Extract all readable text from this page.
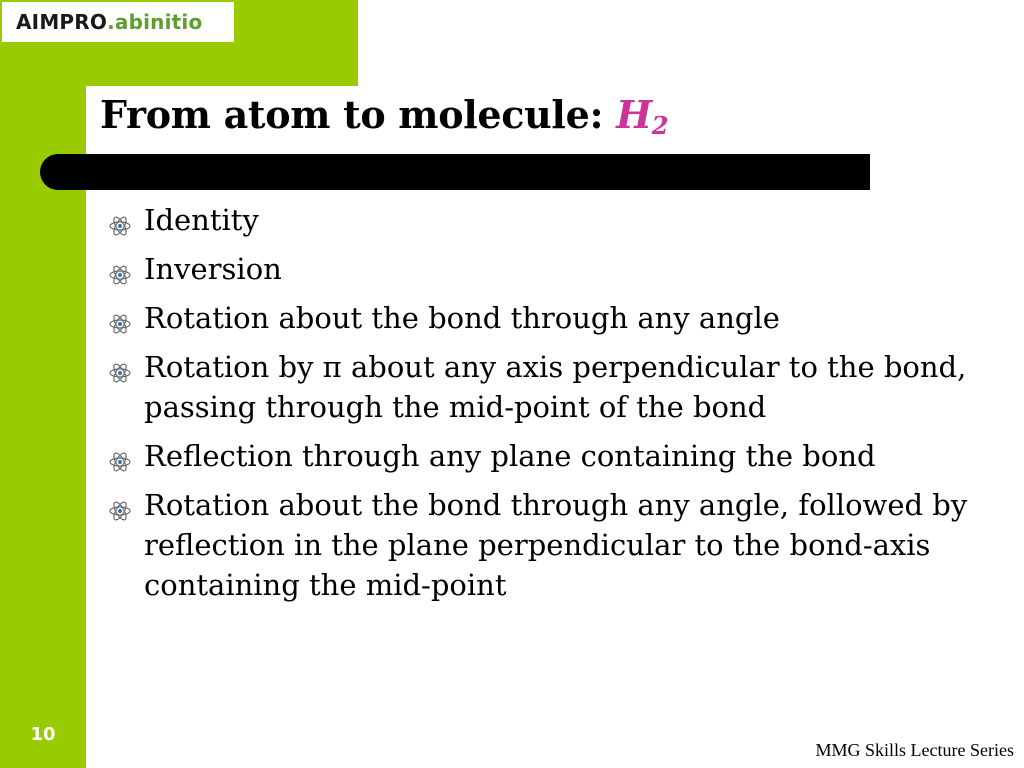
AIMPRO .abinitio
From atom to molecule: $H_2$
Identity
Inversion
Rotation about the bond through any angle
Rotation by π about any axis perpendicular to the bond, passing through the mid-point of the bond
Reflection through any plane containing the bond
Rotation about the bond through any angle, followed by reflection in the plane perpendicular to the bond-axis containing the mid-point
10
MMG Skills Lecture Series
